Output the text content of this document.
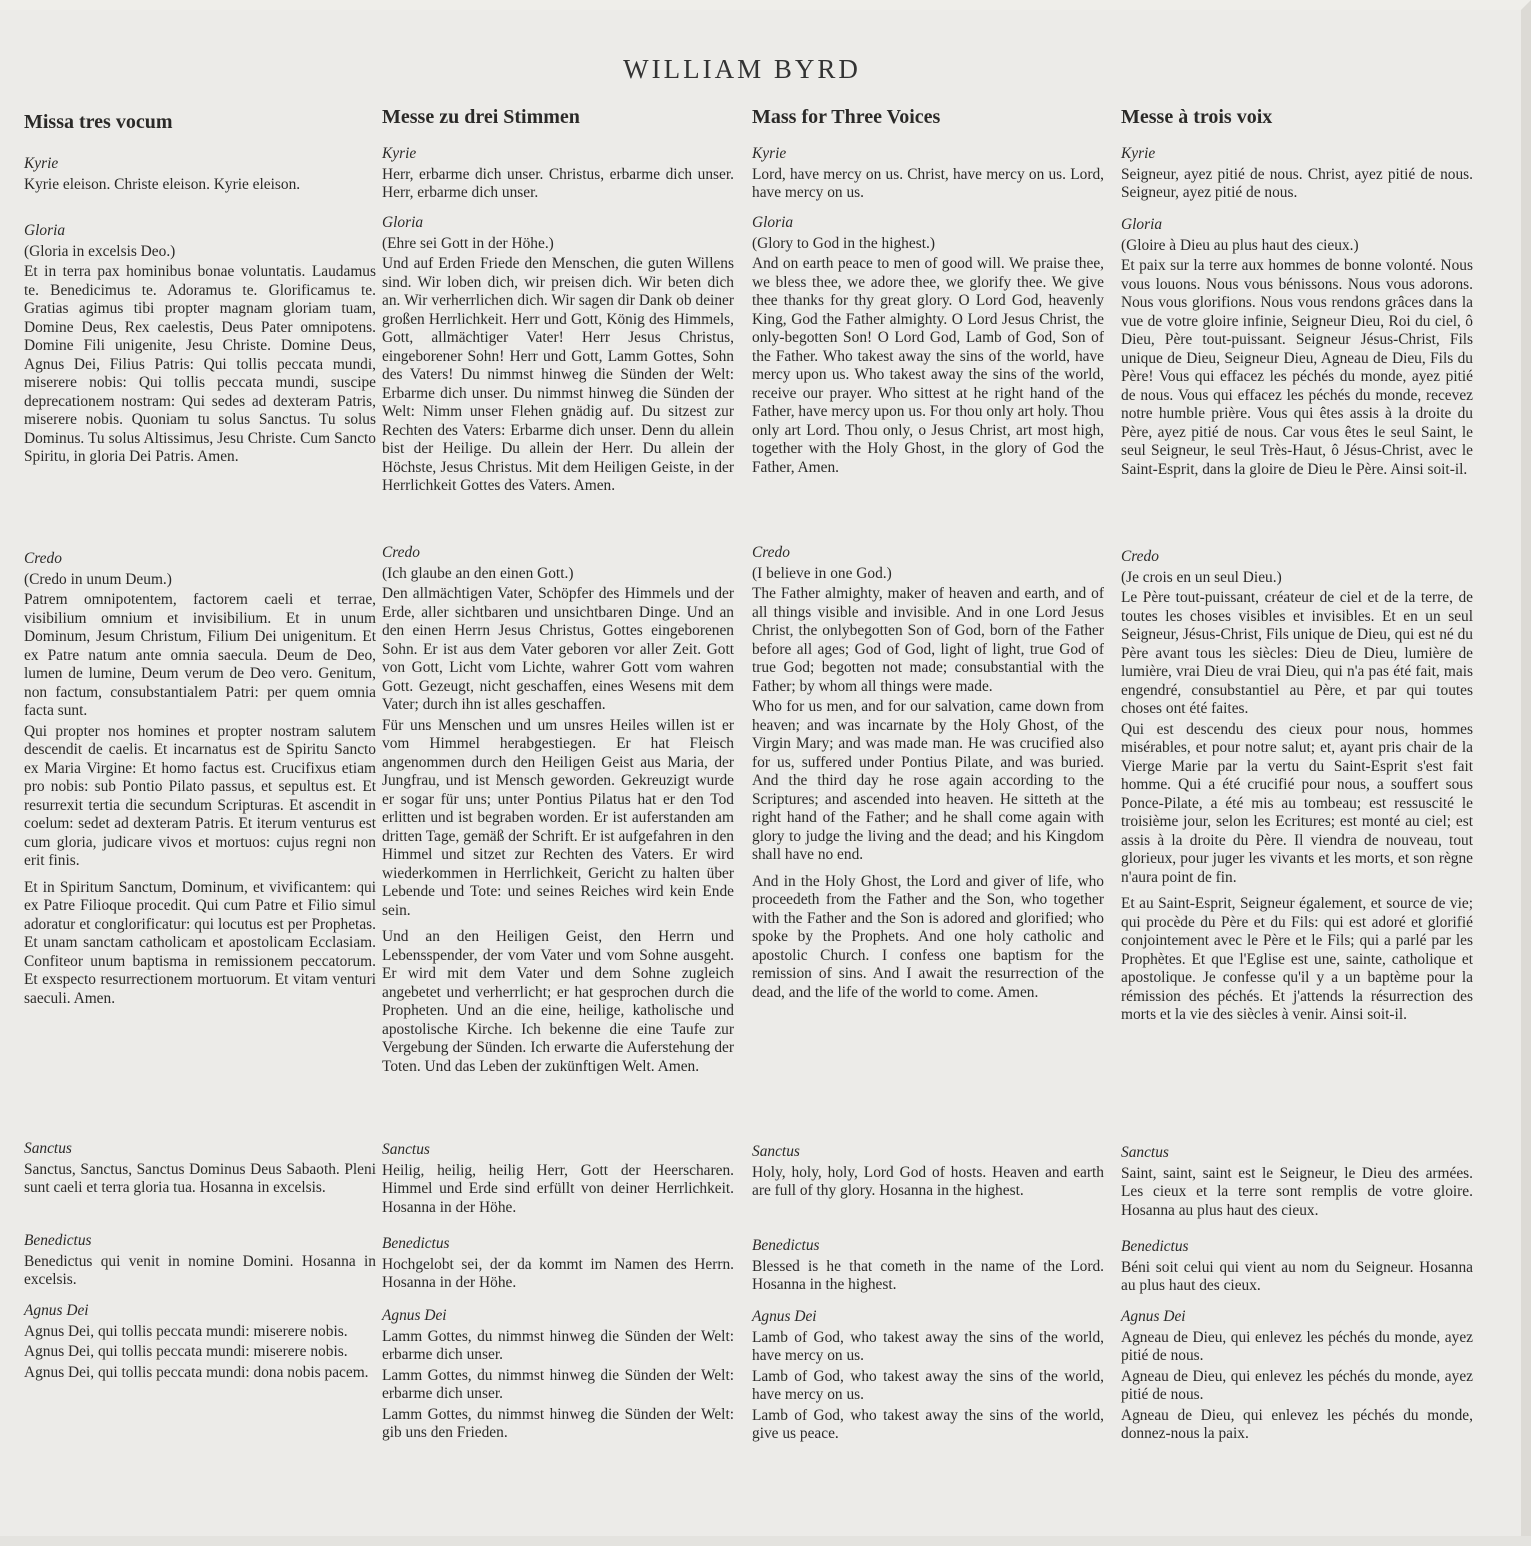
WILLIAM BYRD
Missa tres vocum
Kyrie
Kyrie eleison. Christe eleison. Kyrie eleison.
Gloria
(Gloria in excelsis Deo.)
Et in terra pax hominibus bonae voluntatis. Laudamus te. Benedicimus te. Adoramus te. Glorificamus te. Gratias agimus tibi propter magnam gloriam tuam, Domine Deus, Rex caelestis, Deus Pater omnipotens. Domine Fili unigenite, Jesu Christe. Domine Deus, Agnus Dei, Filius Patris: Qui tollis peccata mundi, miserere nobis: Qui tollis peccata mundi, suscipe deprecationem nostram: Qui sedes ad dexteram Patris, miserere nobis. Quoniam tu solus Sanctus. Tu solus Dominus. Tu solus Altissimus, Jesu Christe. Cum Sancto Spiritu, in gloria Dei Patris. Amen.
Credo
(Credo in unum Deum.)
Patrem omnipotentem, factorem caeli et terrae, visibilium omnium et invisibilium. Et in unum Dominum, Jesum Christum, Filium Dei unigenitum. Et ex Patre natum ante omnia saecula. Deum de Deo, lumen de lumine, Deum verum de Deo vero. Genitum, non factum, consubstantialem Patri: per quem omnia facta sunt.
Qui propter nos homines et propter nostram salutem descendit de caelis. Et incarnatus est de Spiritu Sancto ex Maria Virgine: Et homo factus est. Crucifixus etiam pro nobis: sub Pontio Pilato passus, et sepultus est. Et resurrexit tertia die secundum Scripturas. Et ascendit in coelum: sedet ad dexteram Patris. Et iterum venturus est cum gloria, judicare vivos et mortuos: cujus regni non erit finis.
Et in Spiritum Sanctum, Dominum, et vivificantem: qui ex Patre Filioque procedit. Qui cum Patre et Filio simul adoratur et conglorificatur: qui locutus est per Prophetas. Et unam sanctam catholicam et apostolicam Ecclasiam. Confiteor unum baptisma in remissionem peccatorum. Et exspecto resurrectionem mortuorum. Et vitam venturi saeculi. Amen.
Sanctus
Sanctus, Sanctus, Sanctus Dominus Deus Sabaoth. Pleni sunt caeli et terra gloria tua. Hosanna in excelsis.
Benedictus
Benedictus qui venit in nomine Domini. Hosanna in excelsis.
Agnus Dei
Agnus Dei, qui tollis peccata mundi: miserere nobis.
Agnus Dei, qui tollis peccata mundi: miserere nobis.
Agnus Dei, qui tollis peccata mundi: dona nobis pacem.
Messe zu drei Stimmen
Kyrie
Herr, erbarme dich unser. Christus, erbarme dich unser. Herr, erbarme dich unser.
Gloria
(Ehre sei Gott in der Höhe.)
Und auf Erden Friede den Menschen, die guten Willens sind. Wir loben dich, wir preisen dich. Wir beten dich an. Wir verherrlichen dich. Wir sagen dir Dank ob deiner großen Herrlichkeit. Herr und Gott, König des Himmels, Gott, allmächtiger Vater! Herr Jesus Christus, eingeborener Sohn! Herr und Gott, Lamm Gottes, Sohn des Vaters! Du nimmst hinweg die Sünden der Welt: Erbarme dich unser. Du nimmst hinweg die Sünden der Welt: Nimm unser Flehen gnädig auf. Du sitzest zur Rechten des Vaters: Erbarme dich unser. Denn du allein bist der Heilige. Du allein der Herr. Du allein der Höchste, Jesus Christus. Mit dem Heiligen Geiste, in der Herrlichkeit Gottes des Vaters. Amen.
Credo
(Ich glaube an den einen Gott.)
Den allmächtigen Vater, Schöpfer des Himmels und der Erde, aller sichtbaren und unsichtbaren Dinge. Und an den einen Herrn Jesus Christus, Gottes eingeborenen Sohn. Er ist aus dem Vater geboren vor aller Zeit. Gott von Gott, Licht vom Lichte, wahrer Gott vom wahren Gott. Gezeugt, nicht geschaffen, eines Wesens mit dem Vater; durch ihn ist alles geschaffen.
Für uns Menschen und um unsres Heiles willen ist er vom Himmel herabgestiegen. Er hat Fleisch angenommen durch den Heiligen Geist aus Maria, der Jungfrau, und ist Mensch geworden. Gekreuzigt wurde er sogar für uns; unter Pontius Pilatus hat er den Tod erlitten und ist begraben worden. Er ist auferstanden am dritten Tage, gemäß der Schrift. Er ist aufgefahren in den Himmel und sitzet zur Rechten des Vaters. Er wird wiederkommen in Herrlichkeit, Gericht zu halten über Lebende und Tote: und seines Reiches wird kein Ende sein.
Und an den Heiligen Geist, den Herrn und Lebensspender, der vom Vater und vom Sohne ausgeht. Er wird mit dem Vater und dem Sohne zugleich angebetet und verherrlicht; er hat gesprochen durch die Propheten. Und an die eine, heilige, katholische und apostolische Kirche. Ich bekenne die eine Taufe zur Vergebung der Sünden. Ich erwarte die Auferstehung der Toten. Und das Leben der zukünftigen Welt. Amen.
Sanctus
Heilig, heilig, heilig Herr, Gott der Heerscharen. Himmel und Erde sind erfüllt von deiner Herrlichkeit. Hosanna in der Höhe.
Benedictus
Hochgelobt sei, der da kommt im Namen des Herrn. Hosanna in der Höhe.
Agnus Dei
Lamm Gottes, du nimmst hinweg die Sünden der Welt: erbarme dich unser.
Lamm Gottes, du nimmst hinweg die Sünden der Welt: erbarme dich unser.
Lamm Gottes, du nimmst hinweg die Sünden der Welt: gib uns den Frieden.
Mass for Three Voices
Kyrie
Lord, have mercy on us. Christ, have mercy on us. Lord, have mercy on us.
Gloria
(Glory to God in the highest.)
And on earth peace to men of good will. We praise thee, we bless thee, we adore thee, we glorify thee. We give thee thanks for thy great glory. O Lord God, heavenly King, God the Father almighty. O Lord Jesus Christ, the only-begotten Son! O Lord God, Lamb of God, Son of the Father. Who takest away the sins of the world, have mercy upon us. Who takest away the sins of the world, receive our prayer. Who sittest at he right hand of the Father, have mercy upon us. For thou only art holy. Thou only art Lord. Thou only, o Jesus Christ, art most high, together with the Holy Ghost, in the glory of God the Father, Amen.
Credo
(I believe in one God.)
The Father almighty, maker of heaven and earth, and of all things visible and invisible. And in one Lord Jesus Christ, the onlybegotten Son of God, born of the Father before all ages; God of God, light of light, true God of true God; begotten not made; consubstantial with the Father; by whom all things were made.
Who for us men, and for our salvation, came down from heaven; and was incarnate by the Holy Ghost, of the Virgin Mary; and was made man. He was crucified also for us, suffered under Pontius Pilate, and was buried. And the third day he rose again according to the Scriptures; and ascended into heaven. He sitteth at the right hand of the Father; and he shall come again with glory to judge the living and the dead; and his Kingdom shall have no end.
And in the Holy Ghost, the Lord and giver of life, who proceedeth from the Father and the Son, who together with the Father and the Son is adored and glorified; who spoke by the Prophets. And one holy catholic and apostolic Church. I confess one baptism for the remission of sins. And I await the resurrection of the dead, and the life of the world to come. Amen.
Sanctus
Holy, holy, holy, Lord God of hosts. Heaven and earth are full of thy glory. Hosanna in the highest.
Benedictus
Blessed is he that cometh in the name of the Lord. Hosanna in the highest.
Agnus Dei
Lamb of God, who takest away the sins of the world, have mercy on us.
Lamb of God, who takest away the sins of the world, have mercy on us.
Lamb of God, who takest away the sins of the world, give us peace.
Messe à trois voix
Kyrie
Seigneur, ayez pitié de nous. Christ, ayez pitié de nous. Seigneur, ayez pitié de nous.
Gloria
(Gloire à Dieu au plus haut des cieux.)
Et paix sur la terre aux hommes de bonne volonté. Nous vous louons. Nous vous bénissons. Nous vous adorons. Nous vous glorifions. Nous vous rendons grâces dans la vue de votre gloire infinie, Seigneur Dieu, Roi du ciel, ô Dieu, Père tout-puissant. Seigneur Jésus-Christ, Fils unique de Dieu, Seigneur Dieu, Agneau de Dieu, Fils du Père! Vous qui effacez les péchés du monde, ayez pitié de nous. Vous qui effacez les péchés du monde, recevez notre humble prière. Vous qui êtes assis à la droite du Père, ayez pitié de nous. Car vous êtes le seul Saint, le seul Seigneur, le seul Très-Haut, ô Jésus-Christ, avec le Saint-Esprit, dans la gloire de Dieu le Père. Ainsi soit-il.
Credo
(Je crois en un seul Dieu.)
Le Père tout-puissant, créateur de ciel et de la terre, de toutes les choses visibles et invisibles. Et en un seul Seigneur, Jésus-Christ, Fils unique de Dieu, qui est né du Père avant tous les siècles: Dieu de Dieu, lumière de lumière, vrai Dieu de vrai Dieu, qui n'a pas été fait, mais engendré, consubstantiel au Père, et par qui toutes choses ont été faites.
Qui est descendu des cieux pour nous, hommes misérables, et pour notre salut; et, ayant pris chair de la Vierge Marie par la vertu du Saint-Esprit s'est fait homme. Qui a été crucifié pour nous, a souffert sous Ponce-Pilate, a été mis au tombeau; est ressuscité le troisième jour, selon les Ecritures; est monté au ciel; est assis à la droite du Père. Il viendra de nouveau, tout glorieux, pour juger les vivants et les morts, et son règne n'aura point de fin.
Et au Saint-Esprit, Seigneur également, et source de vie; qui procède du Père et du Fils: qui est adoré et glorifié conjointement avec le Père et le Fils; qui a parlé par les Prophètes. Et que l'Eglise est une, sainte, catholique et apostolique. Je confesse qu'il y a un baptème pour la rémission des péchés. Et j'attends la résurrection des morts et la vie des siècles à venir. Ainsi soit-il.
Sanctus
Saint, saint, saint est le Seigneur, le Dieu des armées. Les cieux et la terre sont remplis de votre gloire. Hosanna au plus haut des cieux.
Benedictus
Béni soit celui qui vient au nom du Seigneur. Hosanna au plus haut des cieux.
Agnus Dei
Agneau de Dieu, qui enlevez les péchés du monde, ayez pitié de nous.
Agneau de Dieu, qui enlevez les péchés du monde, ayez pitié de nous.
Agneau de Dieu, qui enlevez les péchés du monde, donnez-nous la paix.
